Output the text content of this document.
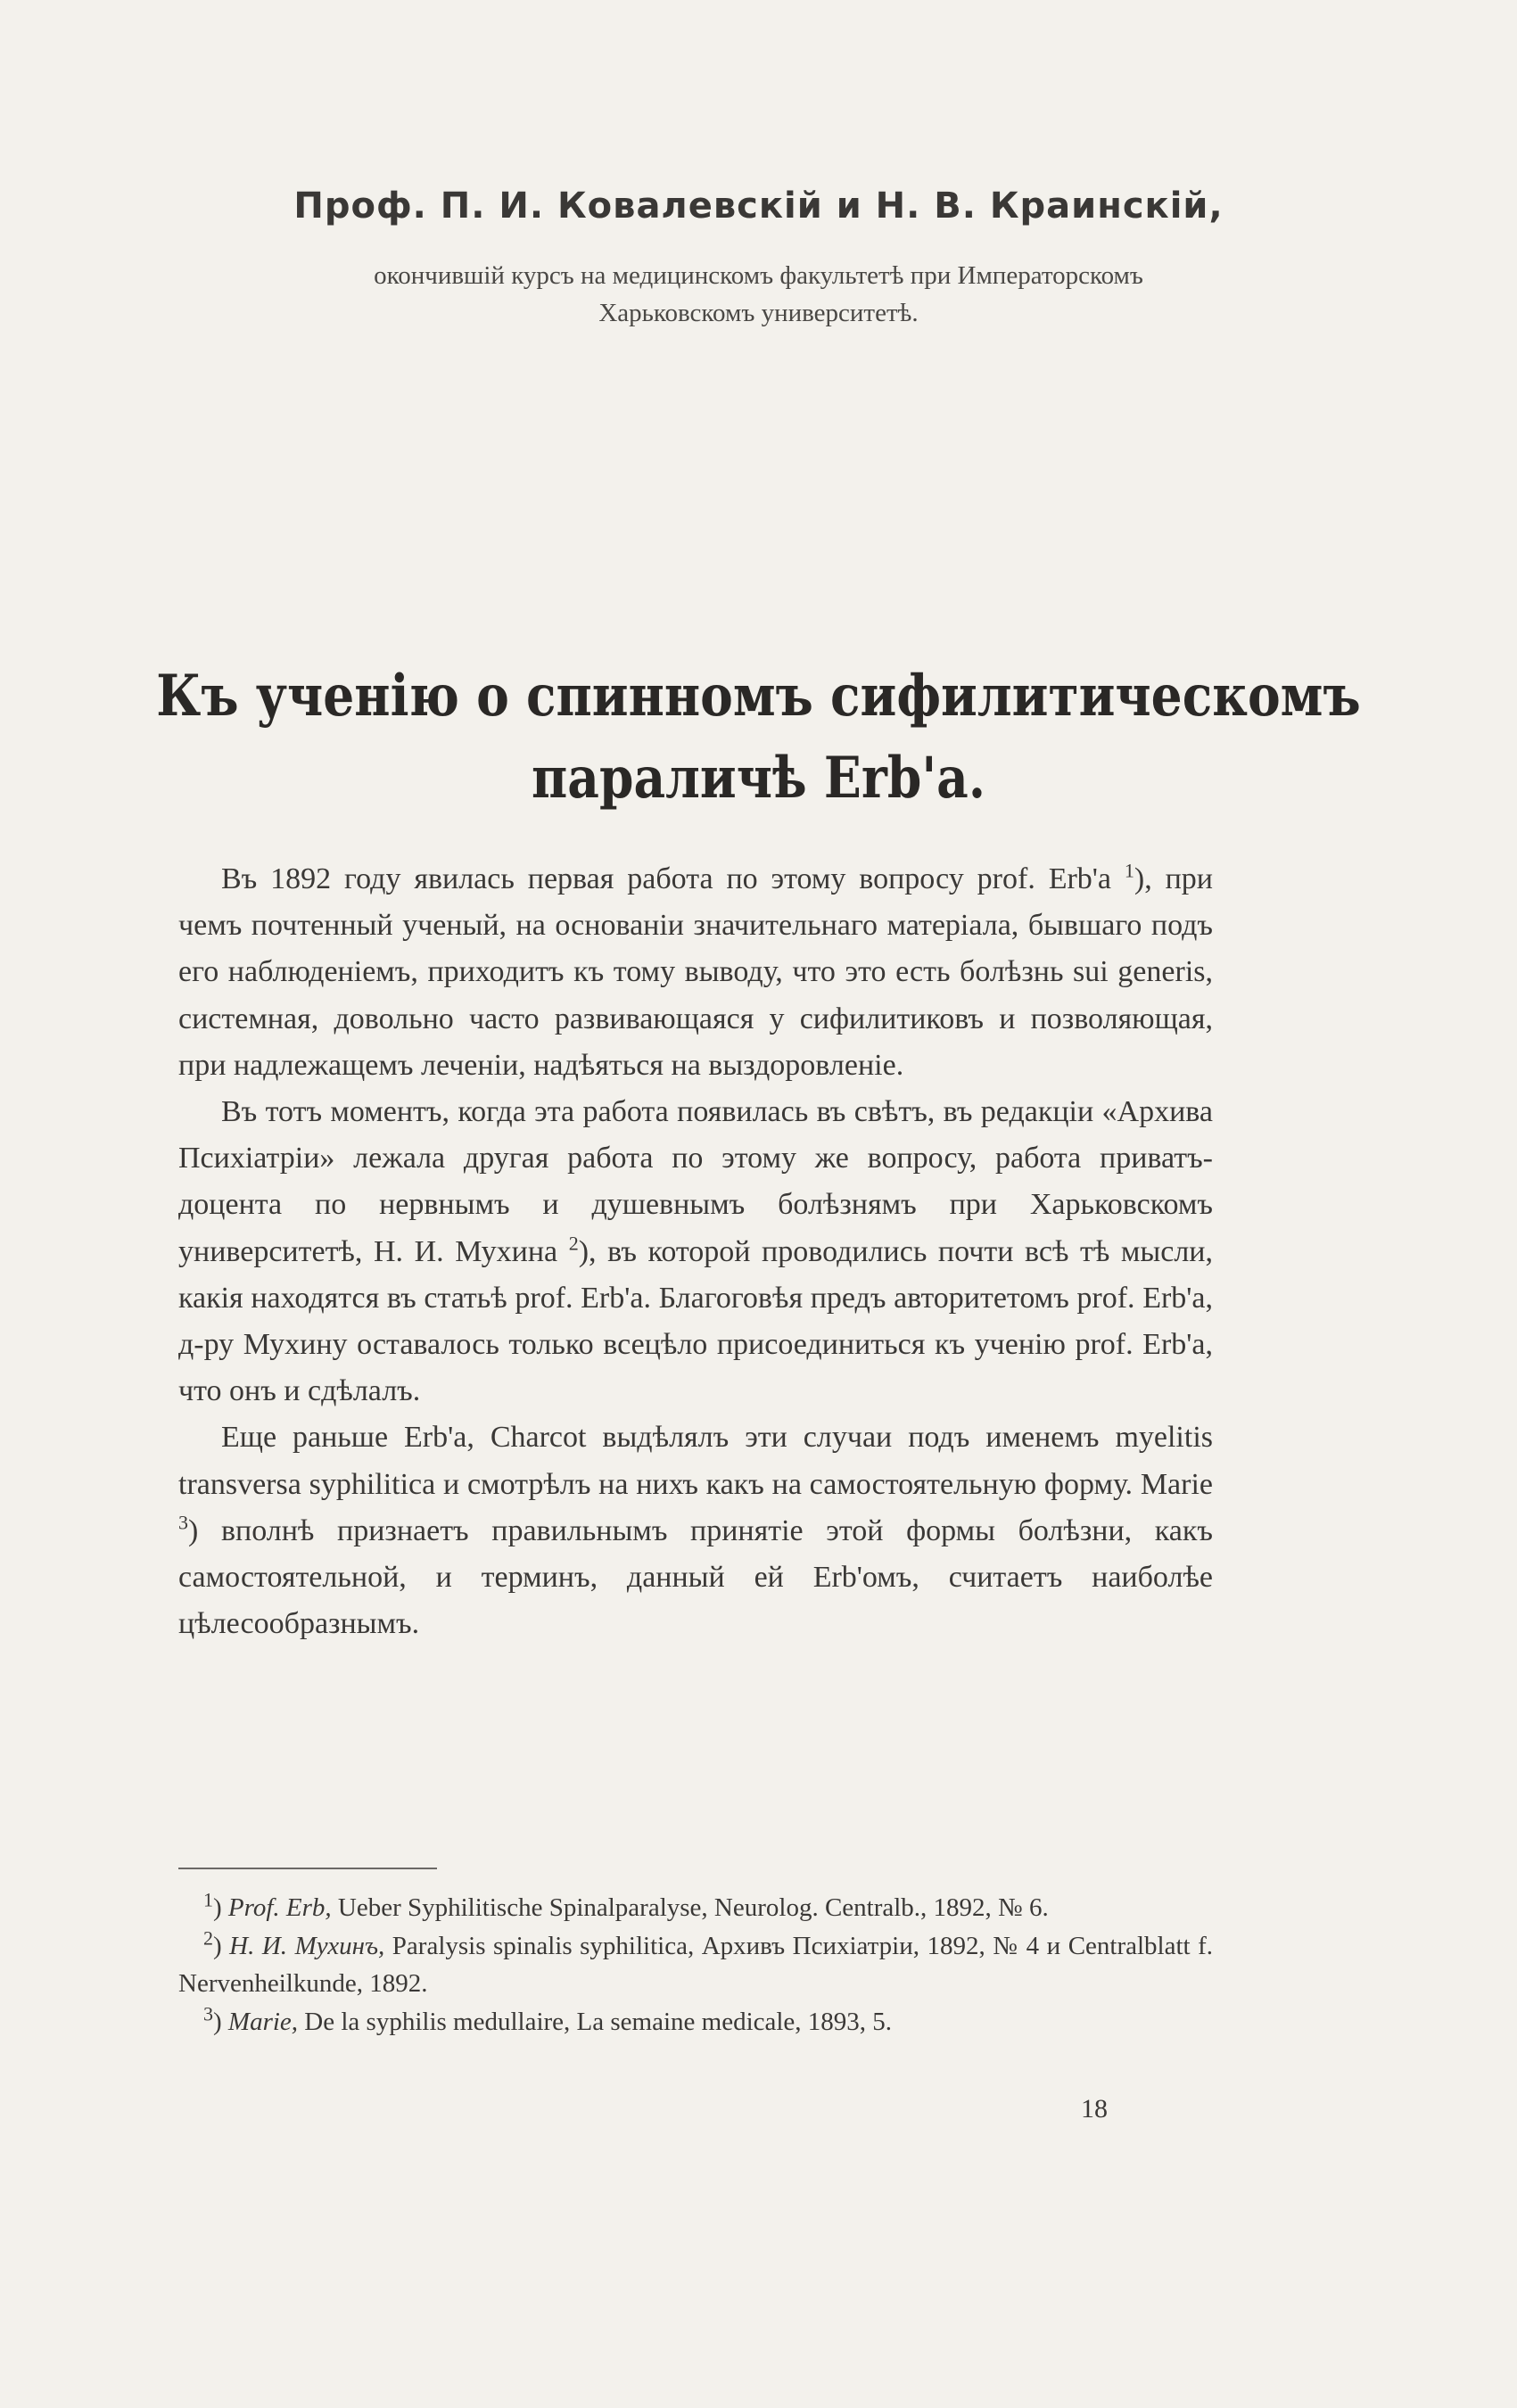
Проф. П. И. Ковалевскiй и Н. В. Краинскiй,
окончившiй курсъ на медицинскомъ факультетѣ при Императорскомъ
Харьковскомъ университетѣ.
Къ ученiю о спинномъ сифилитическомъ
параличѣ Erb'a.

Въ 1892 году явилась первая работа по этому вопросу prof. Erb'a $^1$), при чемъ почтенный ученый, на основанiи значительнаго матерiала, бывшаго подъ его наблюденiемъ, приходитъ къ тому выводу, что это есть болѣзнь sui generis, системная, довольно часто развивающаяся у сифилитиковъ и позволяющая, при надлежащемъ леченiи, надѣяться на выздоровленiе.

Въ тотъ моментъ, когда эта работа появилась въ свѣтъ, въ редакцiи «Архива Психiатрiи» лежала другая работа по этому же вопросу, работа приватъ-доцента по нервнымъ и душевнымъ болѣзнямъ при Харьковскомъ университетѣ, Н. И. Мухина $^2$), въ которой проводились почти всѣ тѣ мысли, какiя находятся въ статьѣ prof. Erb'a. Благоговѣя предъ авторитетомъ prof. Erb'a, д-ру Мухину оставалось только всецѣло присоединиться къ ученiю prof. Erb'a, что онъ и сдѣлалъ.

Еще раньше Erb'a, Charcot выдѣлялъ эти случаи подъ именемъ myelitis transversa syphilitica и смотрѣлъ на нихъ какъ на самостоятельную форму. Marie $^3$) вполнѣ признаетъ правильнымъ принятiе этой формы болѣзни, какъ самостоятельной, и терминъ, данный ей Erb'омъ, считаетъ наиболѣе цѣлесообразнымъ.

$^1$) Prof. Erb, Ueber Syphilitische Spinalparalyse, Neurolog. Centralb., 1892, № 6.

$^2$) Н. И. Мухинъ, Paralysis spinalis syphilitica, Архивъ Психiатрiи, 1892, № 4 и Centralblatt f. Nervenheilkunde, 1892.

$^3$) Marie, De la syphilis medullaire, La semaine medicale, 1893, 5.

18
